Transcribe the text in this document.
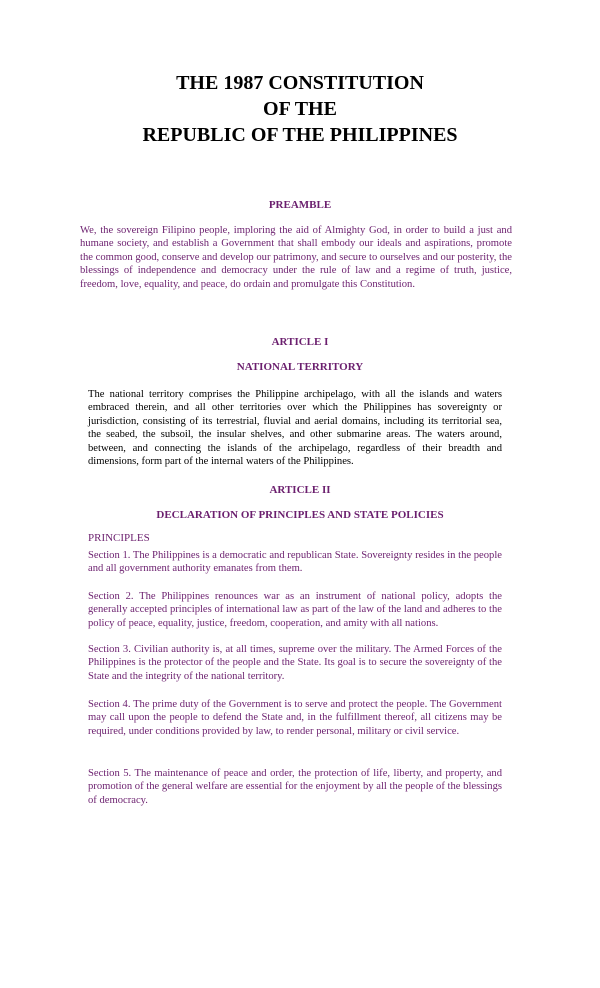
THE 1987 CONSTITUTION
OF THE
REPUBLIC OF THE PHILIPPINES
PREAMBLE

We, the sovereign Filipino people, imploring the aid of Almighty God, in order to build a just and humane society, and establish a Government that shall embody our ideals and aspirations, promote the common good, conserve and develop our patrimony, and secure to ourselves and our posterity, the blessings of independence and democracy under the rule of law and a regime of truth, justice, freedom, love, equality, and peace, do ordain and promulgate this Constitution.

ARTICLE I
NATIONAL TERRITORY

The national territory comprises the Philippine archipelago, with all the islands and waters embraced therein, and all other territories over which the Philippines has sovereignty or jurisdiction, consisting of its terrestrial, fluvial and aerial domains, including its territorial sea, the seabed, the subsoil, the insular shelves, and other submarine areas. The waters around, between, and connecting the islands of the archipelago, regardless of their breadth and dimensions, form part of the internal waters of the Philippines.

ARTICLE II
DECLARATION OF PRINCIPLES AND STATE POLICIES
PRINCIPLES

Section 1. The Philippines is a democratic and republican State. Sovereignty resides in the people and all government authority emanates from them.

Section 2. The Philippines renounces war as an instrument of national policy, adopts the generally accepted principles of international law as part of the law of the land and adheres to the policy of peace, equality, justice, freedom, cooperation, and amity with all nations.

Section 3. Civilian authority is, at all times, supreme over the military. The Armed Forces of the Philippines is the protector of the people and the State. Its goal is to secure the sovereignty of the State and the integrity of the national territory.

Section 4. The prime duty of the Government is to serve and protect the people. The Government may call upon the people to defend the State and, in the fulfillment thereof, all citizens may be required, under conditions provided by law, to render personal, military or civil service.

Section 5. The maintenance of peace and order, the protection of life, liberty, and property, and promotion of the general welfare are essential for the enjoyment by all the people of the blessings of democracy.
